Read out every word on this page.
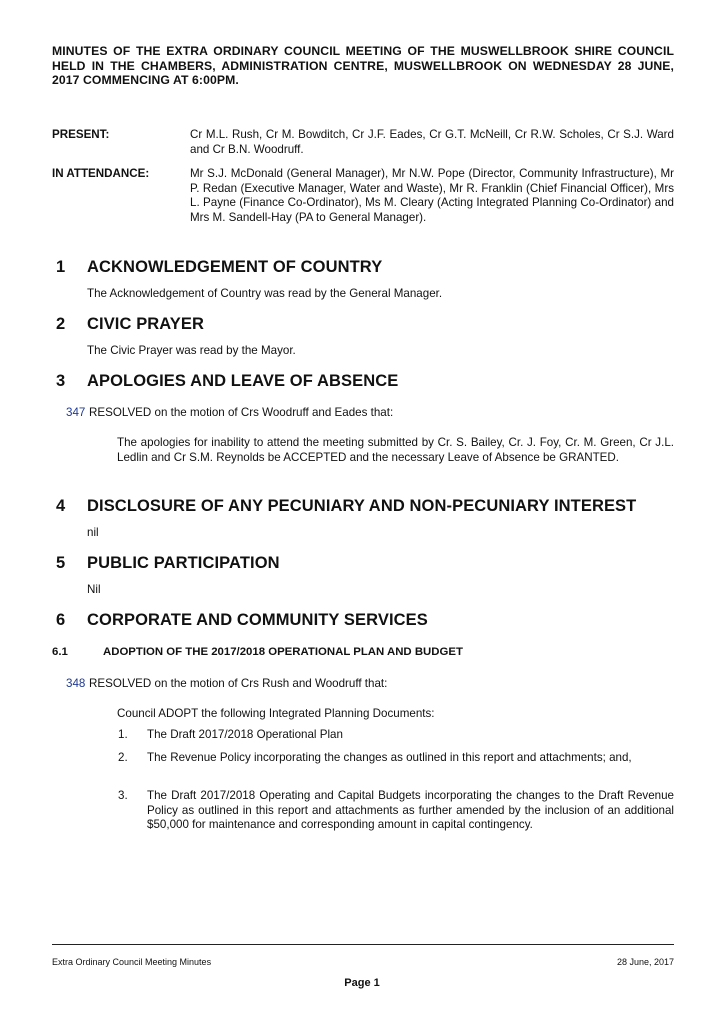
MINUTES OF THE EXTRA ORDINARY COUNCIL MEETING OF THE MUSWELLBROOK SHIRE COUNCIL HELD IN THE CHAMBERS, ADMINISTRATION CENTRE, MUSWELLBROOK ON WEDNESDAY 28 JUNE, 2017 COMMENCING AT 6:00PM.
PRESENT:	Cr M.L. Rush, Cr M. Bowditch, Cr J.F. Eades, Cr G.T. McNeill, Cr R.W. Scholes, Cr S.J. Ward and Cr B.N. Woodruff.
IN ATTENDANCE:	Mr S.J. McDonald (General Manager), Mr N.W. Pope (Director, Community Infrastructure), Mr P. Redan (Executive Manager, Water and Waste), Mr R. Franklin (Chief Financial Officer), Mrs L. Payne (Finance Co-Ordinator), Ms M. Cleary (Acting Integrated Planning Co-Ordinator) and Mrs M. Sandell-Hay (PA to General Manager).
1 ACKNOWLEDGEMENT OF COUNTRY
The Acknowledgement of Country was read by the General Manager.
2 CIVIC PRAYER
The Civic Prayer was read by the Mayor.
3 APOLOGIES AND LEAVE OF ABSENCE
347 RESOLVED on the motion of Crs Woodruff and Eades that:
The apologies for inability to attend the meeting submitted by Cr. S. Bailey, Cr. J. Foy, Cr. M. Green, Cr J.L. Ledlin and Cr S.M. Reynolds be ACCEPTED and the necessary Leave of Absence be GRANTED.
4 DISCLOSURE OF ANY PECUNIARY AND NON-PECUNIARY INTEREST
nil
5 PUBLIC PARTICIPATION
Nil
6 CORPORATE AND COMMUNITY SERVICES
6.1	ADOPTION OF THE 2017/2018 OPERATIONAL PLAN AND BUDGET
348 RESOLVED on the motion of Crs Rush and Woodruff that:
Council ADOPT the following Integrated Planning Documents:
1. The Draft 2017/2018 Operational Plan
2. The Revenue Policy incorporating the changes as outlined in this report and attachments; and,
3. The Draft 2017/2018 Operating and Capital Budgets incorporating the changes to the Draft Revenue Policy as outlined in this report and attachments as further amended by the inclusion of an additional $50,000 for maintenance and corresponding amount in capital contingency.
Extra Ordinary Council Meeting Minutes	28 June, 2017
Page 1
